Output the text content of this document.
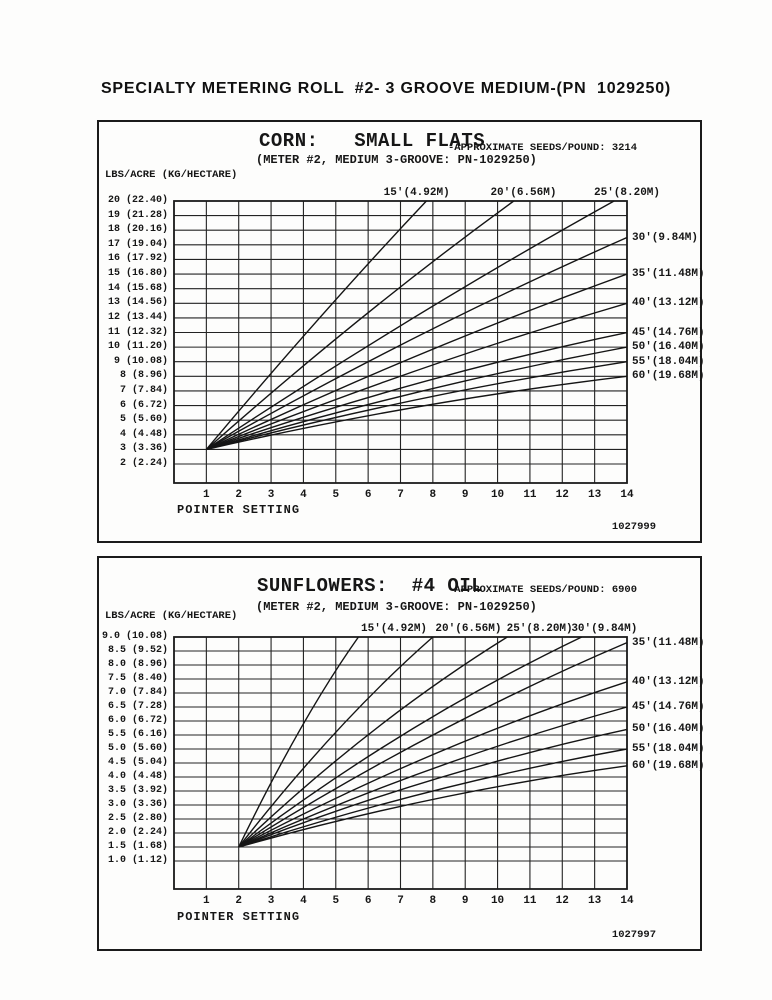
SPECIALTY METERING ROLL  #2- 3 GROOVE MEDIUM-(PN  1029250)
CORN:   SMALL FLATS
-APPROXIMATE SEEDS/POUND: 3214
(METER #2, MEDIUM 3-GROOVE: PN-1029250)
LBS/ACRE (KG/HECTARE)
20 (22.40)
19 (21.28)
18 (20.16)
17 (19.04)
16 (17.92)
15 (16.80)
14 (15.68)
13 (14.56)
12 (13.44)
11 (12.32)
10 (11.20)
9 (10.08)
8 (8.96)
7 (7.84)
6 (6.72)
5 (5.60)
4 (4.48)
3 (3.36)
2 (2.24)
1	2	3	4	5	6	7	8	9	10	11	12	13	14
15'(4.92M)	20'(6.56M)	25'(8.20M)
30'(9.84M)
35'(11.48M)
40'(13.12M)
45'(14.76M)
50'(16.40M)
55'(18.04M)
60'(19.68M)
POINTER SETTING
1027999
SUNFLOWERS:  #4 OIL
-APPROXIMATE SEEDS/POUND: 6900
(METER #2, MEDIUM 3-GROOVE: PN-1029250)
LBS/ACRE (KG/HECTARE)
9.0 (10.08)
8.5 (9.52)
8.0 (8.96)
7.5 (8.40)
7.0 (7.84)
6.5 (7.28)
6.0 (6.72)
5.5 (6.16)
5.0 (5.60)
4.5 (5.04)
4.0 (4.48)
3.5 (3.92)
3.0 (3.36)
2.5 (2.80)
2.0 (2.24)
1.5 (1.68)
1.0 (1.12)
1	2	3	4	5	6	7	8	9	10	11	12	13	14
15'(4.92M) 20'(6.56M) 25'(8.20M)
30'(9.84M)
35'(11.48M)
40'(13.12M)
45'(14.76M)
50'(16.40M)
55'(18.04M)
60'(19.68M)
POINTER SETTING
1027997
